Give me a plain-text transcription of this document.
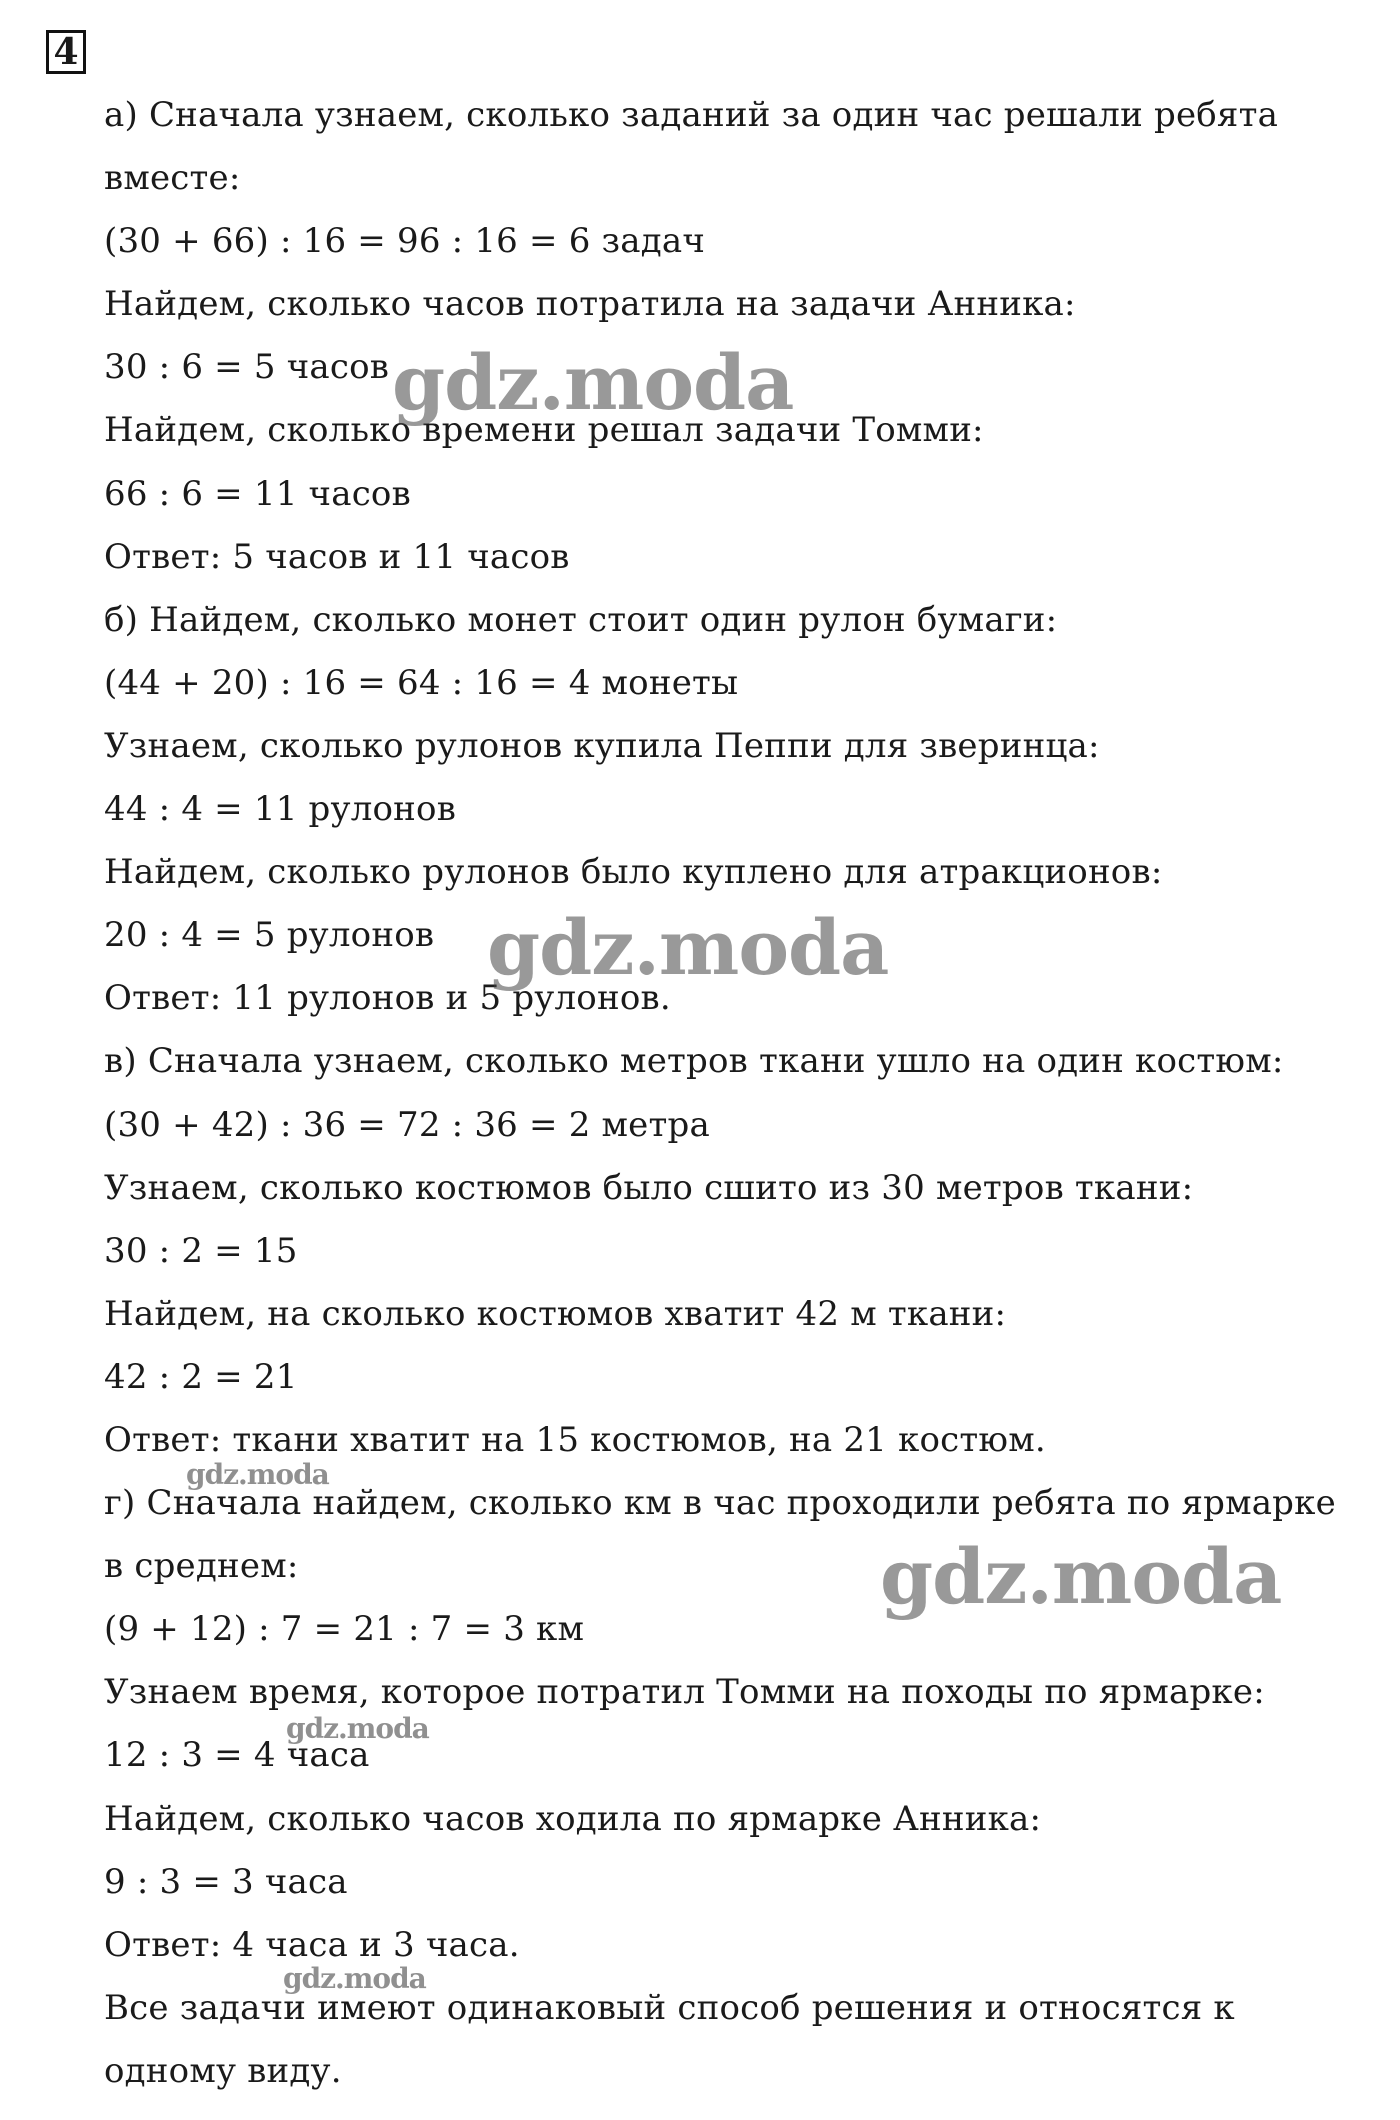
4
а) Сначала узнаем, сколько заданий за один час решали ребята
вместе:
(30 + 66) : 16 = 96 : 16 = 6 задач
Найдем, сколько часов потратила на задачи Анника:
30 : 6 = 5 часов
Найдем, сколько времени решал задачи Томми:
66 : 6 = 11 часов
Ответ: 5 часов и 11 часов
б) Найдем, сколько монет стоит один рулон бумаги:
(44 + 20) : 16 = 64 : 16 = 4 монеты
Узнаем, сколько рулонов купила Пеппи для зверинца:
44 : 4 = 11 рулонов
Найдем, сколько рулонов было куплено для атракционов:
20 : 4 = 5 рулонов
Ответ: 11 рулонов и 5 рулонов.
в) Сначала узнаем, сколько метров ткани ушло на один костюм:
(30 + 42) : 36 = 72 : 36 = 2 метра
Узнаем, сколько костюмов было сшито из 30 метров ткани:
30 : 2 = 15
Найдем, на сколько костюмов хватит 42 м ткани:
42 : 2 = 21
Ответ: ткани хватит на 15 костюмов, на 21 костюм.
г) Сначала найдем, сколько км в час проходили ребята по ярмарке
в среднем:
(9 + 12) : 7 = 21 : 7 = 3 км
Узнаем время, которое потратил Томми на походы по ярмарке:
12 : 3 = 4 часа
Найдем, сколько часов ходила по ярмарке Анника:
9 : 3 = 3 часа
Ответ: 4 часа и 3 часа.
Все задачи имеют одинаковый способ решения и относятся к
одному виду.
gdz.moda
gdz.moda
gdz.moda
gdz.moda
gdz.moda
gdz.moda
